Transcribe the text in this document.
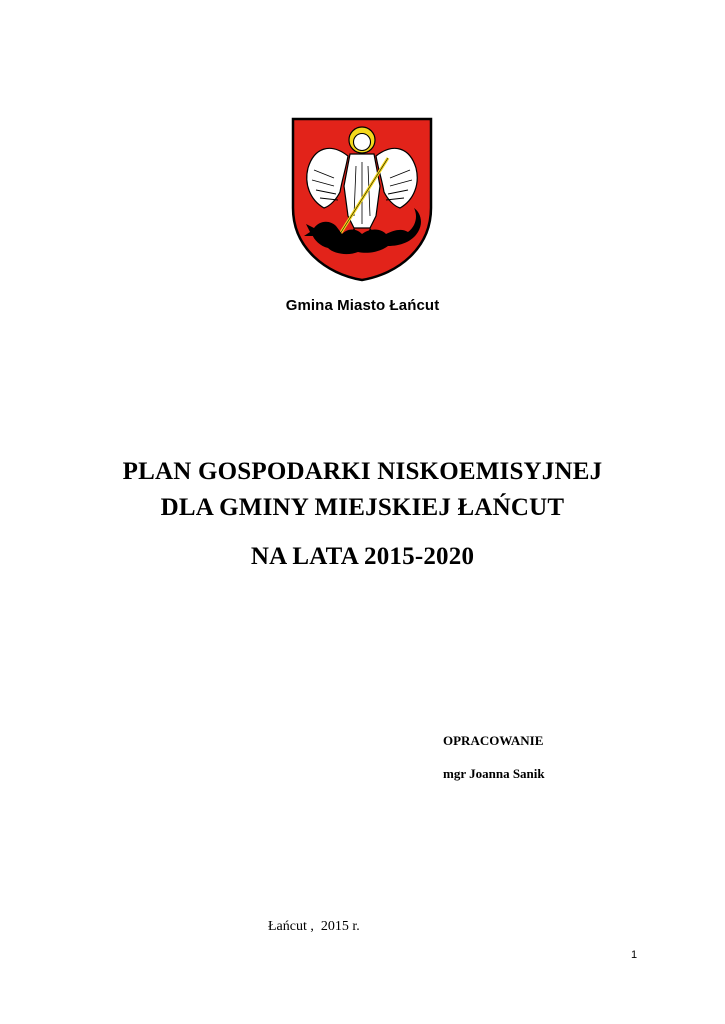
Gmina Miasto Łańcut
PLAN GOSPODARKI NISKOEMISYJNEJ
DLA GMINY MIEJSKIEJ ŁAŃCUT
NA LATA 2015-2020
OPRACOWANIE
mgr Joanna Sanik
Łańcut ,  2015 r.
1
